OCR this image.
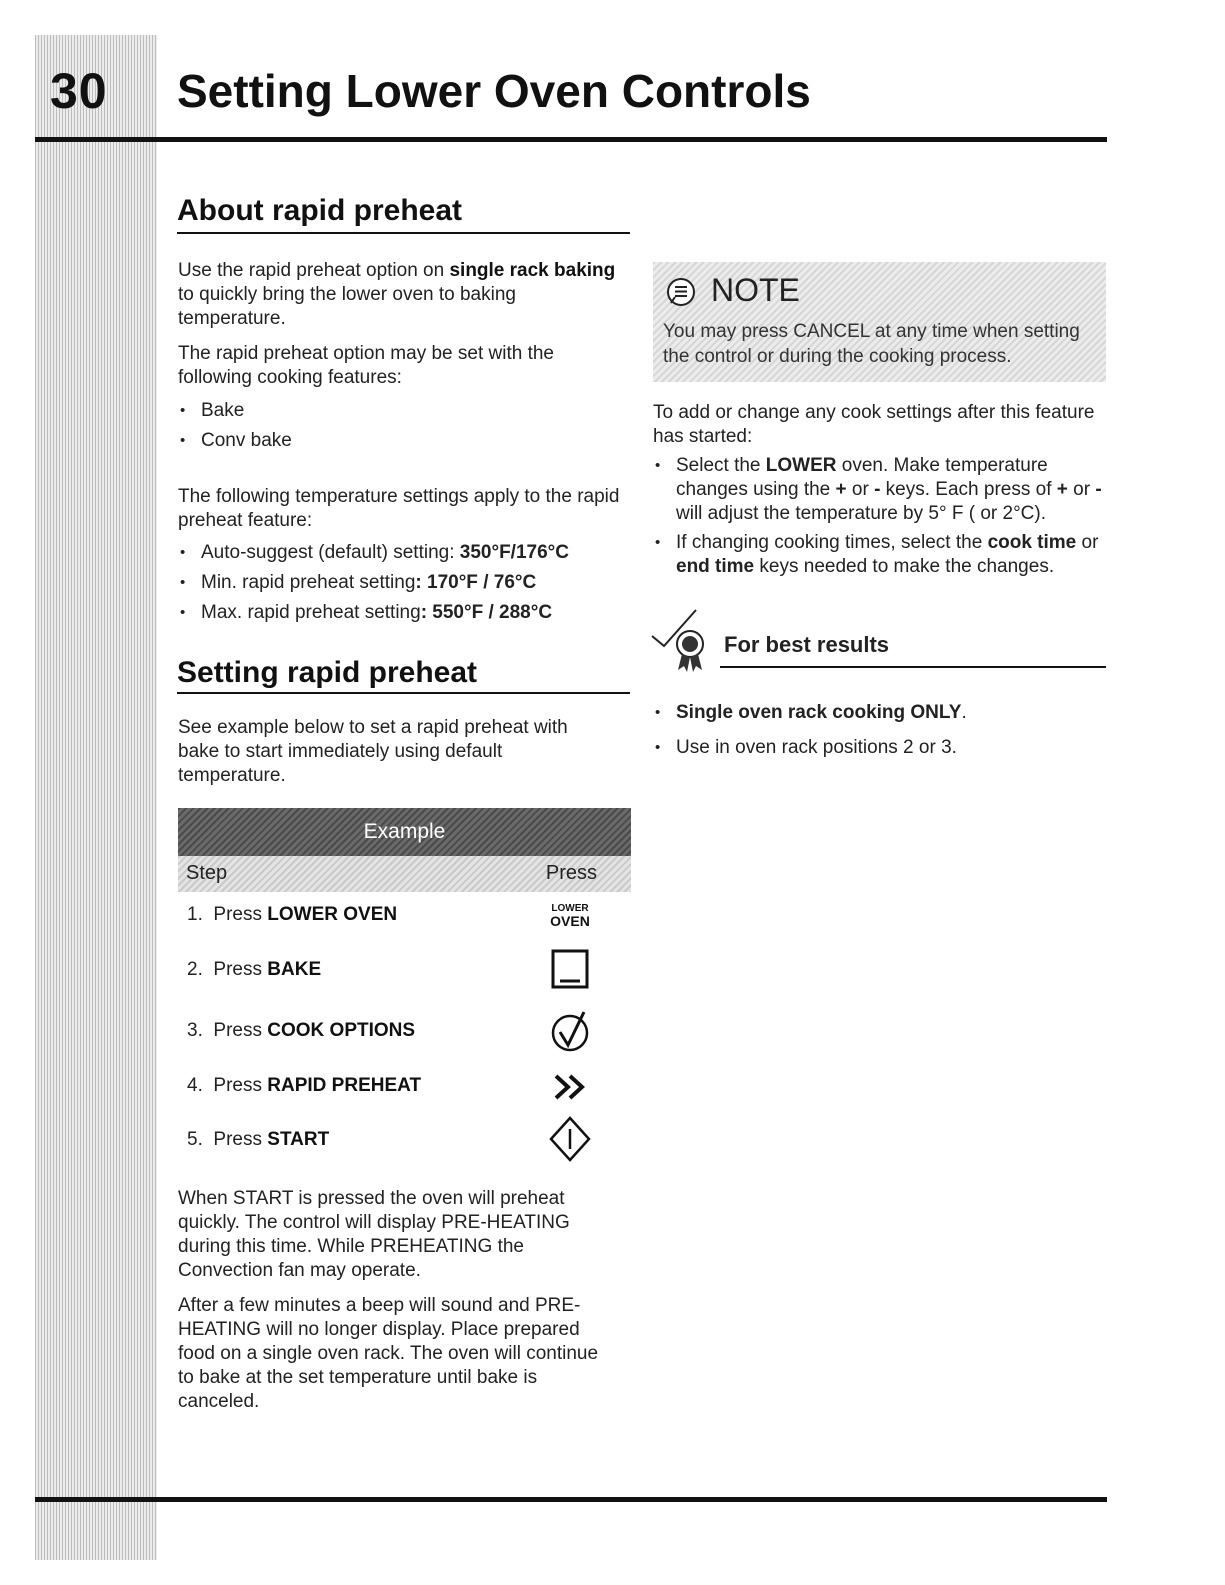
30 Setting Lower Oven Controls
About rapid preheat
Use the rapid preheat option on single rack baking to quickly bring the lower oven to baking temperature.
The rapid preheat option may be set with the following cooking features:
• Bake
• Conv bake
The following temperature settings apply to the rapid preheat feature:
• Auto-suggest (default) setting: 350°F/176°C
• Min. rapid preheat setting: 170°F / 76°C
• Max. rapid preheat setting: 550°F / 288°C
Setting rapid preheat
See example below to set a rapid preheat with bake to start immediately using default temperature.
Example
Step	Press
1. Press LOWER OVEN	LOWER
OVEN
2. Press BAKE
3. Press COOK OPTIONS
4. Press RAPID PREHEAT
5. Press START
When START is pressed the oven will preheat quickly. The control will display PRE-HEATING during this time. While PREHEATING the Convection fan may operate.
After a few minutes a beep will sound and PRE-HEATING will no longer display. Place prepared food on a single oven rack. The oven will continue to bake at the set temperature until bake is canceled.
NOTE
You may press CANCEL at any time when setting the control or during the cooking process.
To add or change any cook settings after this feature has started:
• Select the LOWER oven. Make temperature changes using the + or - keys. Each press of + or - will adjust the temperature by 5° F ( or 2°C).
• If changing cooking times, select the cook time or end time keys needed to make the changes.
For best results
• Single oven rack cooking ONLY.
• Use in oven rack positions 2 or 3.
